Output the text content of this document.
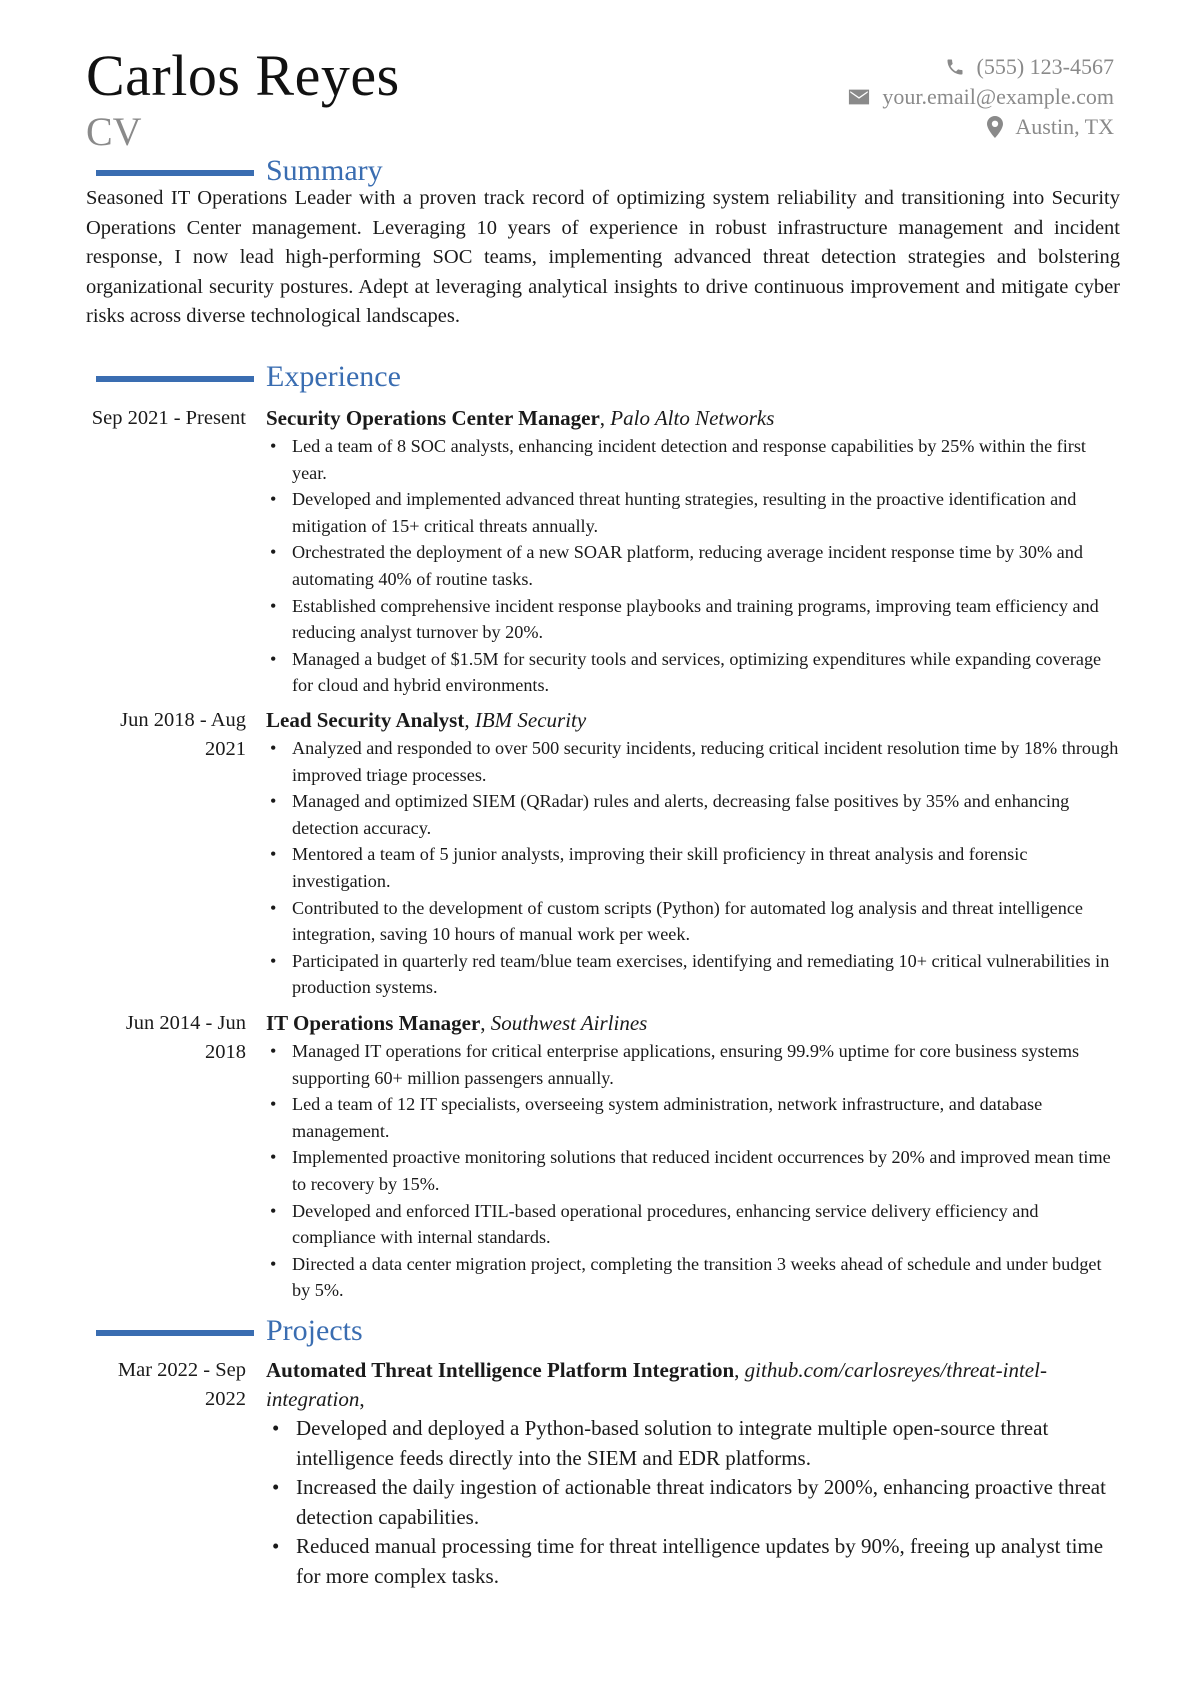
Carlos Reyes
CV
(555) 123-4567
your.email@example.com
Austin, TX
Summary
Seasoned IT Operations Leader with a proven track record of optimizing system reliability and transitioning into Security Operations Center management. Leveraging 10 years of experience in robust infrastructure management and incident response, I now lead high-performing SOC teams, implementing advanced threat detection strategies and bolstering organizational security postures. Adept at leveraging analytical insights to drive continuous improvement and mitigate cyber risks across diverse technological landscapes.
Experience
Sep 2021 - Present Security Operations Center Manager, Palo Alto Networks
• Led a team of 8 SOC analysts, enhancing incident detection and response capabilities by 25% within the first year.
• Developed and implemented advanced threat hunting strategies, resulting in the proactive identification and mitigation of 15+ critical threats annually.
• Orchestrated the deployment of a new SOAR platform, reducing average incident response time by 30% and automating 40% of routine tasks.
• Established comprehensive incident response playbooks and training programs, improving team efficiency and reducing analyst turnover by 20%.
• Managed a budget of $1.5M for security tools and services, optimizing expenditures while expanding coverage for cloud and hybrid environments.
Jun 2018 - Aug 2021
Lead Security Analyst, IBM Security
• Analyzed and responded to over 500 security incidents, reducing critical incident resolution time by 18% through improved triage processes.
• Managed and optimized SIEM (QRadar) rules and alerts, decreasing false positives by 35% and enhancing detection accuracy.
• Mentored a team of 5 junior analysts, improving their skill proficiency in threat analysis and forensic investigation.
• Contributed to the development of custom scripts (Python) for automated log analysis and threat intelligence integration, saving 10 hours of manual work per week.
• Participated in quarterly red team/blue team exercises, identifying and remediating 10+ critical vulnerabilities in production systems.
Jun 2014 - Jun 2018
IT Operations Manager, Southwest Airlines
• Managed IT operations for critical enterprise applications, ensuring 99.9% uptime for core business systems supporting 60+ million passengers annually.
• Led a team of 12 IT specialists, overseeing system administration, network infrastructure, and database management.
• Implemented proactive monitoring solutions that reduced incident occurrences by 20% and improved mean time to recovery by 15%.
• Developed and enforced ITIL-based operational procedures, enhancing service delivery efficiency and compliance with internal standards.
• Directed a data center migration project, completing the transition 3 weeks ahead of schedule and under budget by 5%.
Projects
Mar 2022 - Sep 2022
Automated Threat Intelligence Platform Integration, github.com/carlosreyes/threat-intel-integration,
• Developed and deployed a Python-based solution to integrate multiple open-source threat intelligence feeds directly into the SIEM and EDR platforms.
• Increased the daily ingestion of actionable threat indicators by 200%, enhancing proactive threat detection capabilities.
• Reduced manual processing time for threat intelligence updates by 90%, freeing up analyst time for more complex tasks.
